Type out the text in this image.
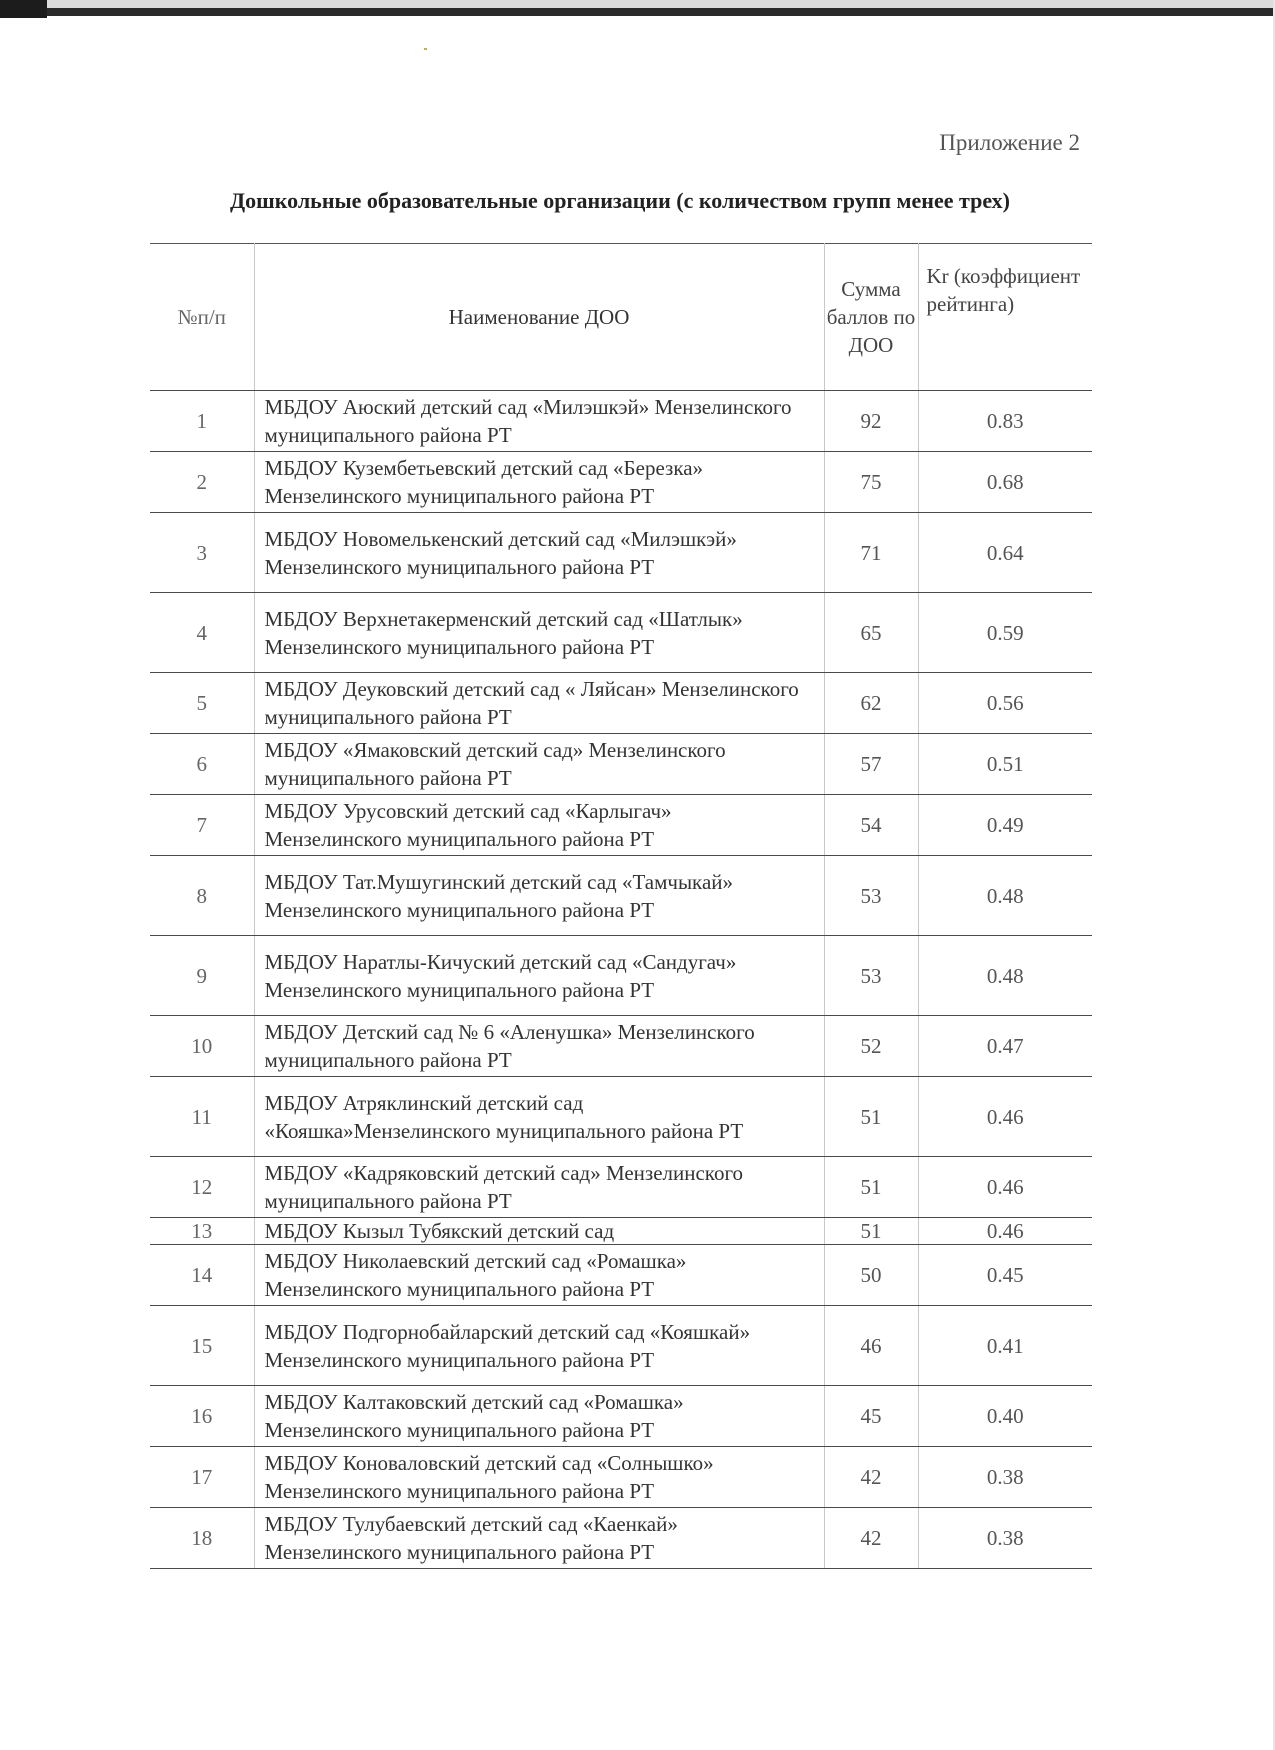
Приложение 2
Дошкольные образовательные организации (с количеством групп менее трех)
№п/п	Наименование ДОО	Сумма баллов по ДОО	Kr (коэффициент рейтинга)
1	МБДОУ Аюский детский сад «Милэшкэй» Мензелинского муниципального района РТ	92	0.83
2	МБДОУ Кузембетьевский детский сад «Березка» Мензелинского муниципального района РТ	75	0.68
3	МБДОУ Новомелькенский детский сад «Милэшкэй» Мензелинского муниципального района РТ	71	0.64
4	МБДОУ Верхнетакерменский детский сад «Шатлык» Мензелинского муниципального района РТ	65	0.59
5	МБДОУ Деуковский детский сад « Ляйсан» Мензелинского муниципального района РТ	62	0.56
6	МБДОУ «Ямаковский детский сад» Мензелинского муниципального района РТ	57	0.51
7	МБДОУ Урусовский детский сад «Карлыгач» Мензелинского муниципального района РТ	54	0.49
8	МБДОУ Тат.Мушугинский детский сад «Тамчыкай» Мензелинского муниципального района РТ	53	0.48
9	МБДОУ Наратлы-Кичуский детский сад «Сандугач» Мензелинского муниципального района РТ	53	0.48
10	МБДОУ Детский сад № 6 «Аленушка» Мензелинского муниципального района РТ	52	0.47
11	МБДОУ Атряклинский детский сад «Кояшка»Мензелинского муниципального района РТ	51	0.46
12	МБДОУ «Кадряковский детский сад» Мензелинского муниципального района РТ	51	0.46
13	МБДОУ Кызыл Тубякский детский сад	51	0.46
14	МБДОУ Николаевский детский сад «Ромашка» Мензелинского муниципального района РТ	50	0.45
15	МБДОУ Подгорнобайларский детский сад «Кояшкай» Мензелинского муниципального района РТ	46	0.41
16	МБДОУ Калтаковский детский сад «Ромашка» Мензелинского муниципального района РТ	45	0.40
17	МБДОУ Коноваловский детский сад «Солнышко» Мензелинского муниципального района РТ	42	0.38
18	МБДОУ Тулубаевский детский сад «Каенкай» Мензелинского муниципального района РТ	42	0.38
